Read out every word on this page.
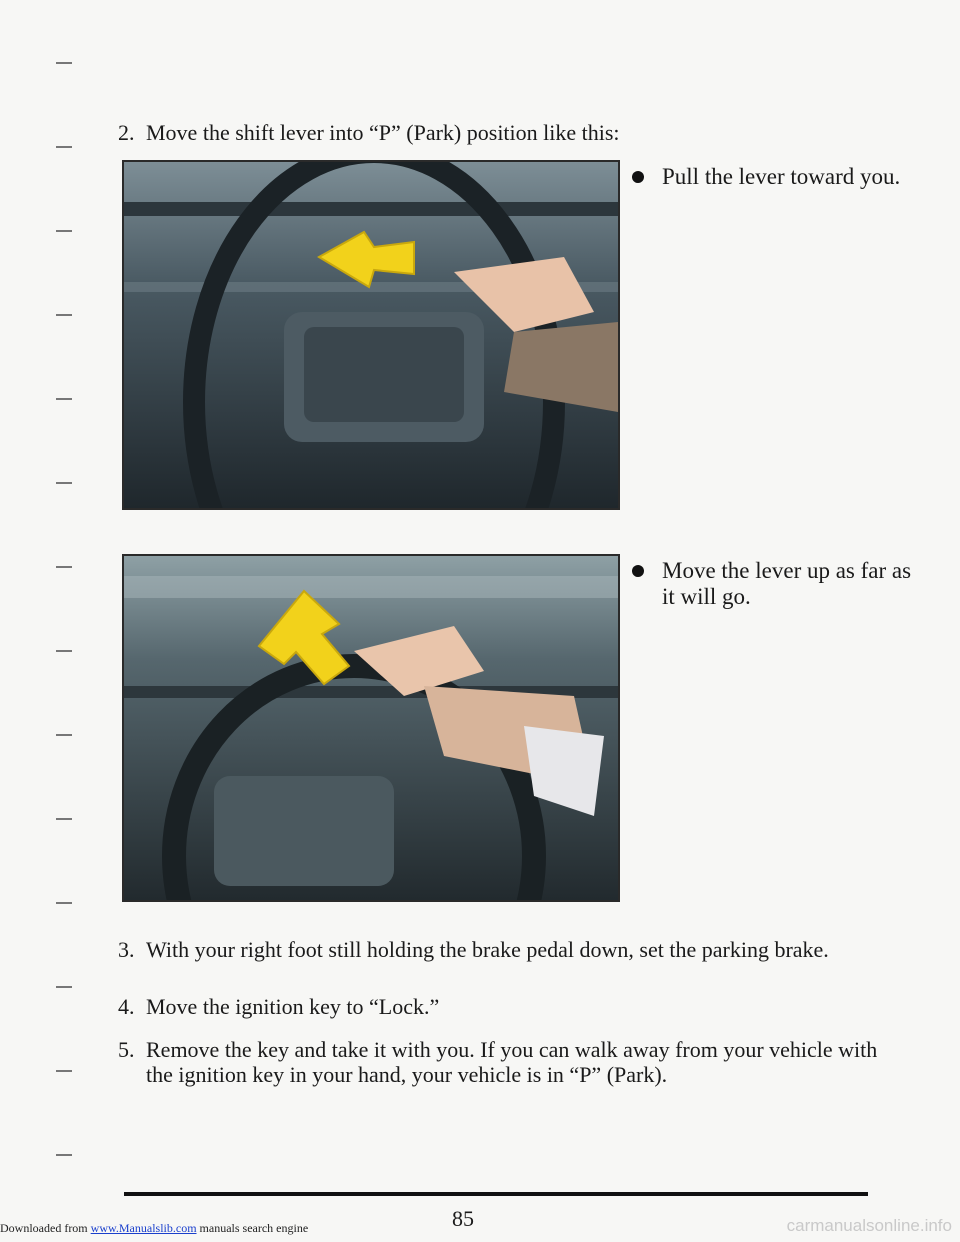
2. Move the shift lever into “P” (Park) position like this:
Pull the lever toward you.
Move the lever up as far as it will go.
3. With your right foot still holding the brake pedal down, set the parking brake.
4. Move the ignition key to “Lock.”
5. Remove the key and take it with you. If you can walk away from your vehicle with the ignition key in your hand, your vehicle is in “P” (Park).
85
Downloaded from www.Manualslib.com manuals search engine	carmanualsonline.info
